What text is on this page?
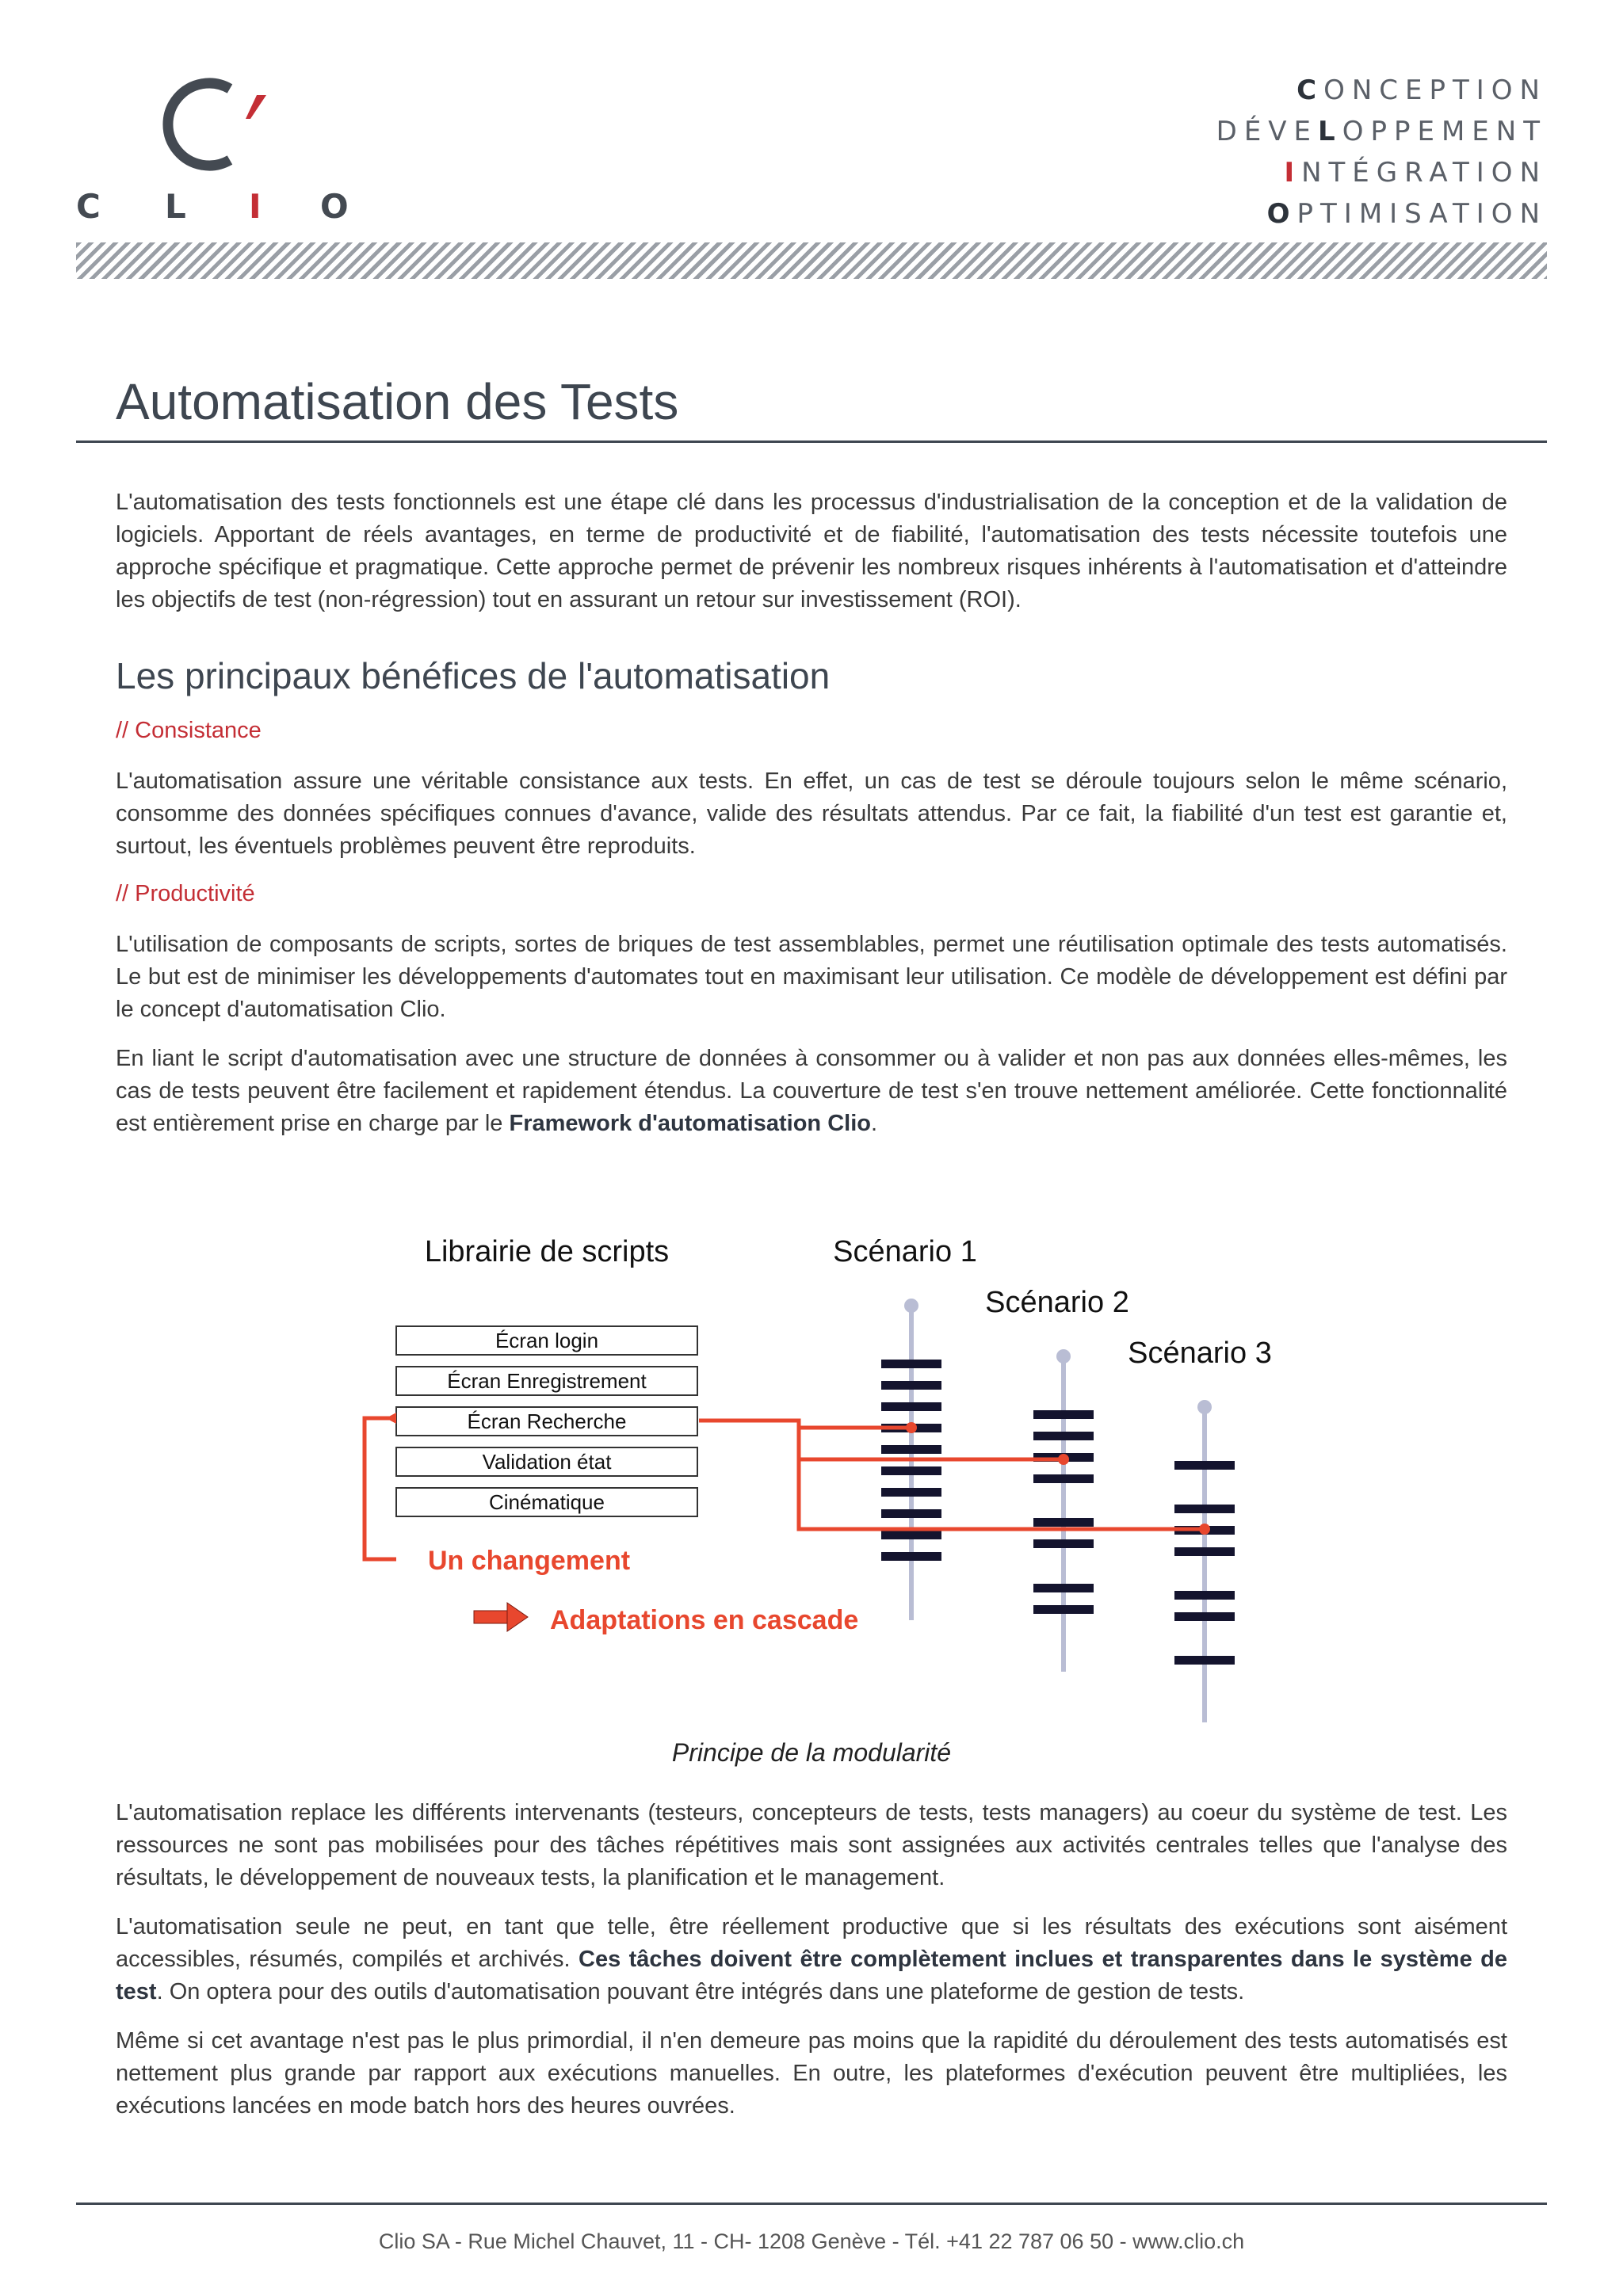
C L I O
CONCEPTION
DÉVELOPPEMENT
INTÉGRATION
OPTIMISATION
Automatisation des Tests

L'automatisation des tests fonctionnels est une étape clé dans les processus d'industrialisation de la conception et de la validation de logiciels. Apportant de réels avantages, en terme de productivité et de fiabilité, l'automatisation des tests nécessite toutefois une approche spécifique et pragmatique. Cette approche permet de prévenir les nombreux risques inhérents à l'automatisation et d'atteindre les objectifs de test (non-régression) tout en assurant un retour sur investissement (ROI).

Les principaux bénéfices de l'automatisation

// Consistance

L'automatisation assure une véritable consistance aux tests. En effet, un cas de test se déroule toujours selon le même scénario, consomme des données spécifiques connues d'avance, valide des résultats attendus. Par ce fait, la fiabilité d'un test est garantie et, surtout, les éventuels problèmes peuvent être reproduits.

// Productivité

L'utilisation de composants de scripts, sortes de briques de test assemblables, permet une réutilisation optimale des tests automatisés. Le but est de minimiser les développements d'automates tout en maximisant leur utilisation. Ce modèle de développement est défini par le concept d'automatisation Clio.

En liant le script d'automatisation avec une structure de données à consommer ou à valider et non pas aux données elles-mêmes, les cas de tests peuvent être facilement et rapidement étendus. La couverture de test s'en trouve nettement améliorée. Cette fonctionnalité est entièrement prise en charge par le Framework d'automatisation Clio.

Librairie de scripts
Écran login
Écran Enregistrement
Écran Recherche
Validation état
Cinématique
Scénario 1
Scénario 2
Scénario 3
Un changement
Adaptations en cascade

Principe de la modularité

L'automatisation replace les différents intervenants (testeurs, concepteurs de tests, tests managers) au coeur du système de test. Les ressources ne sont pas mobilisées pour des tâches répétitives mais sont assignées aux activités centrales telles que l'analyse des résultats, le développement de nouveaux tests, la planification et le management.

L'automatisation seule ne peut, en tant que telle, être réellement productive que si les résultats des exécutions sont aisément accessibles, résumés, compilés et archivés. Ces tâches doivent être complètement inclues et transparentes dans le système de test. On optera pour des outils d'automatisation pouvant être intégrés dans une plateforme de gestion de tests.

Même si cet avantage n'est pas le plus primordial, il n'en demeure pas moins que la rapidité du déroulement des tests automatisés est nettement plus grande par rapport aux exécutions manuelles. En outre, les plateformes d'exécution peuvent être multipliées, les exécutions lancées en mode batch hors des heures ouvrées.

Clio SA - Rue Michel Chauvet, 11 - CH- 1208 Genève - Tél. +41 22 787 06 50 - www.clio.ch
